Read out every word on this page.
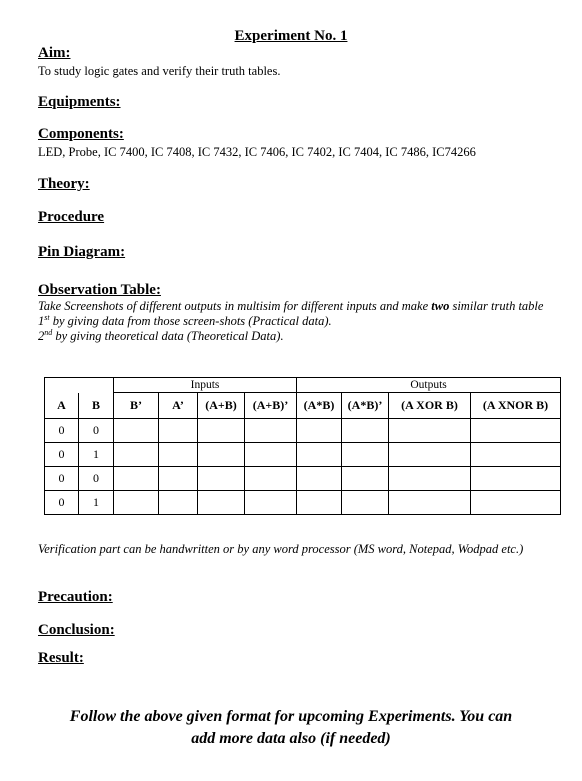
Experiment No. 1
Aim:
To study logic gates and verify their truth tables.
Equipments:
Components:
LED, Probe, IC 7400, IC 7408, IC 7432, IC 7406, IC 7402, IC 7404, IC 7486, IC74266
Theory:
Procedure
Pin Diagram:
Observation Table:
Take Screenshots of different outputs in multisim for different inputs and make two similar truth table
1st by giving data from those screen-shots (Practical data).
2nd by giving theoretical data (Theoretical Data).
		Inputs				Outputs			
A	B	B’	A’	(A+B)	(A+B)’	(A*B)	(A*B)’	(A XOR B)	(A XNOR B)
0	0								
0	1								
0	0								
0	1								
Verification part can be handwritten or by any word processor (MS word, Notepad, Wodpad etc.)
Precaution:
Conclusion:
Result:
Follow the above given format for upcoming Experiments. You can
add more data also (if needed)
